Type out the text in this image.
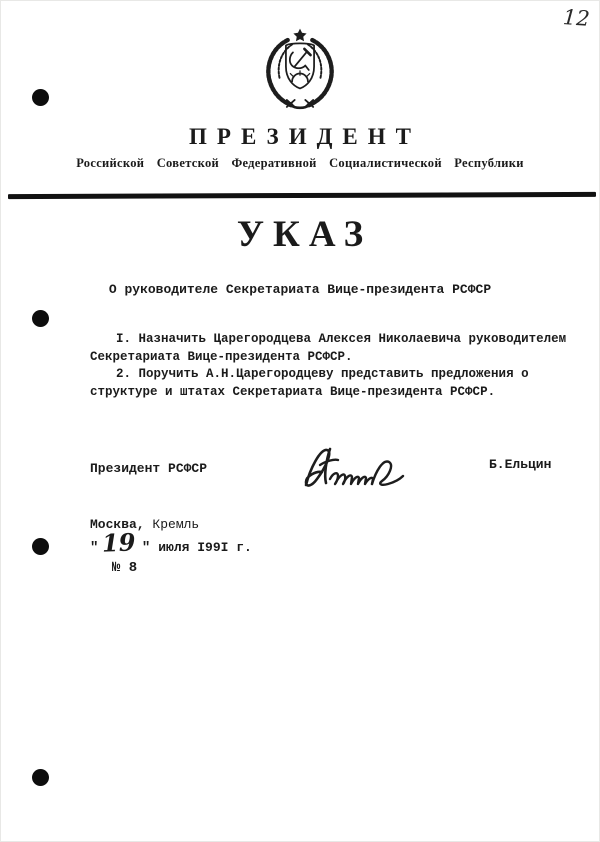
12
ПРЕЗИДЕНТ
Российской Советской Федеративной Социалистической Республики
УКАЗ
О руководителе Секретариата Вице-президента РСФСР

I. Назначить Царегородцева Алексея Николаевича руководителем Секретариата Вице-президента РСФСР.

2. Поручить А.Н.Царегородцеву представить предложения о структуре и штатах Секретариата Вице-президента РСФСР.

Президент РСФСР	Б.Ельцин
Москва, Кремль
" 19 " июля I99I г.
№ 8
